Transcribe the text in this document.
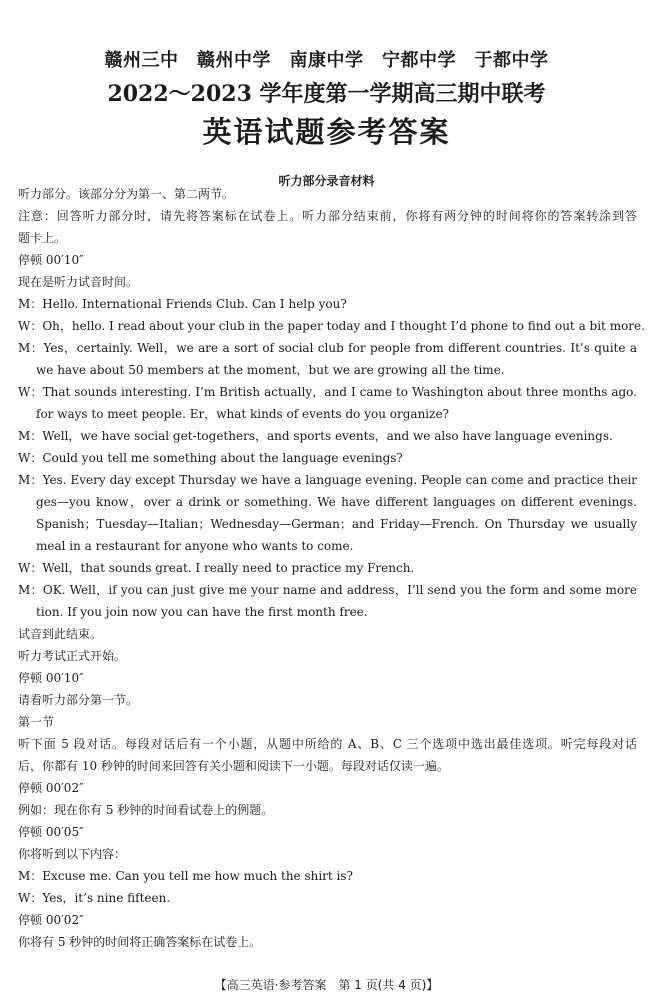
赣州三中　赣州中学　南康中学　宁都中学　于都中学
2022～2023 学年度第一学期高三期中联考
英语试题参考答案
听力部分录音材料
听力部分。该部分分为第一、第二两节。
注意：回答听力部分时，请先将答案标在试卷上。听力部分结束前，你将有两分钟的时间将你的答案转涂到答
题卡上。
停顿 00′10″
现在是听力试音时间。
M：Hello. International Friends Club. Can I help you?
W：Oh，hello. I read about your club in the paper today and I thought I’d phone to find out a bit more.
M：Yes，certainly. Well，we are a sort of social club for people from different countries. It’s quite a
we have about 50 members at the moment，but we are growing all the time.
W：That sounds interesting. I’m British actually，and I came to Washington about three months ago.
for ways to meet people. Er，what kinds of events do you organize?
M：Well，we have social get-togethers，and sports events，and we also have language evenings.
W：Could you tell me something about the language evenings?
M：Yes. Every day except Thursday we have a language evening. People can come and practice their
ges—you know，over a drink or something. We have different languages on different evenings.
Spanish；Tuesday—Italian；Wednesday—German；and Friday—French. On Thursday we usually
meal in a restaurant for anyone who wants to come.
W：Well，that sounds great. I really need to practice my French.
M：OK. Well，if you can just give me your name and address，I’ll send you the form and some more
tion. If you join now you can have the first month free.
试音到此结束。
听力考试正式开始。
停顿 00′10″
请看听力部分第一节。
第一节
听下面 5 段对话。每段对话后有一个小题，从题中所给的 A、B、C 三个选项中选出最佳选项。听完每段对话
后，你都有 10 秒钟的时间来回答有关小题和阅读下一小题。每段对话仅读一遍。
停顿 00′02″
例如：现在你有 5 秒钟的时间看试卷上的例题。
停顿 00′05″
你将听到以下内容：
M：Excuse me. Can you tell me how much the shirt is?
W：Yes，it’s nine fifteen.
停顿 00′02″
你将有 5 秒钟的时间将正确答案标在试卷上。
【高三英语·参考答案　第 1 页(共 4 页)】
